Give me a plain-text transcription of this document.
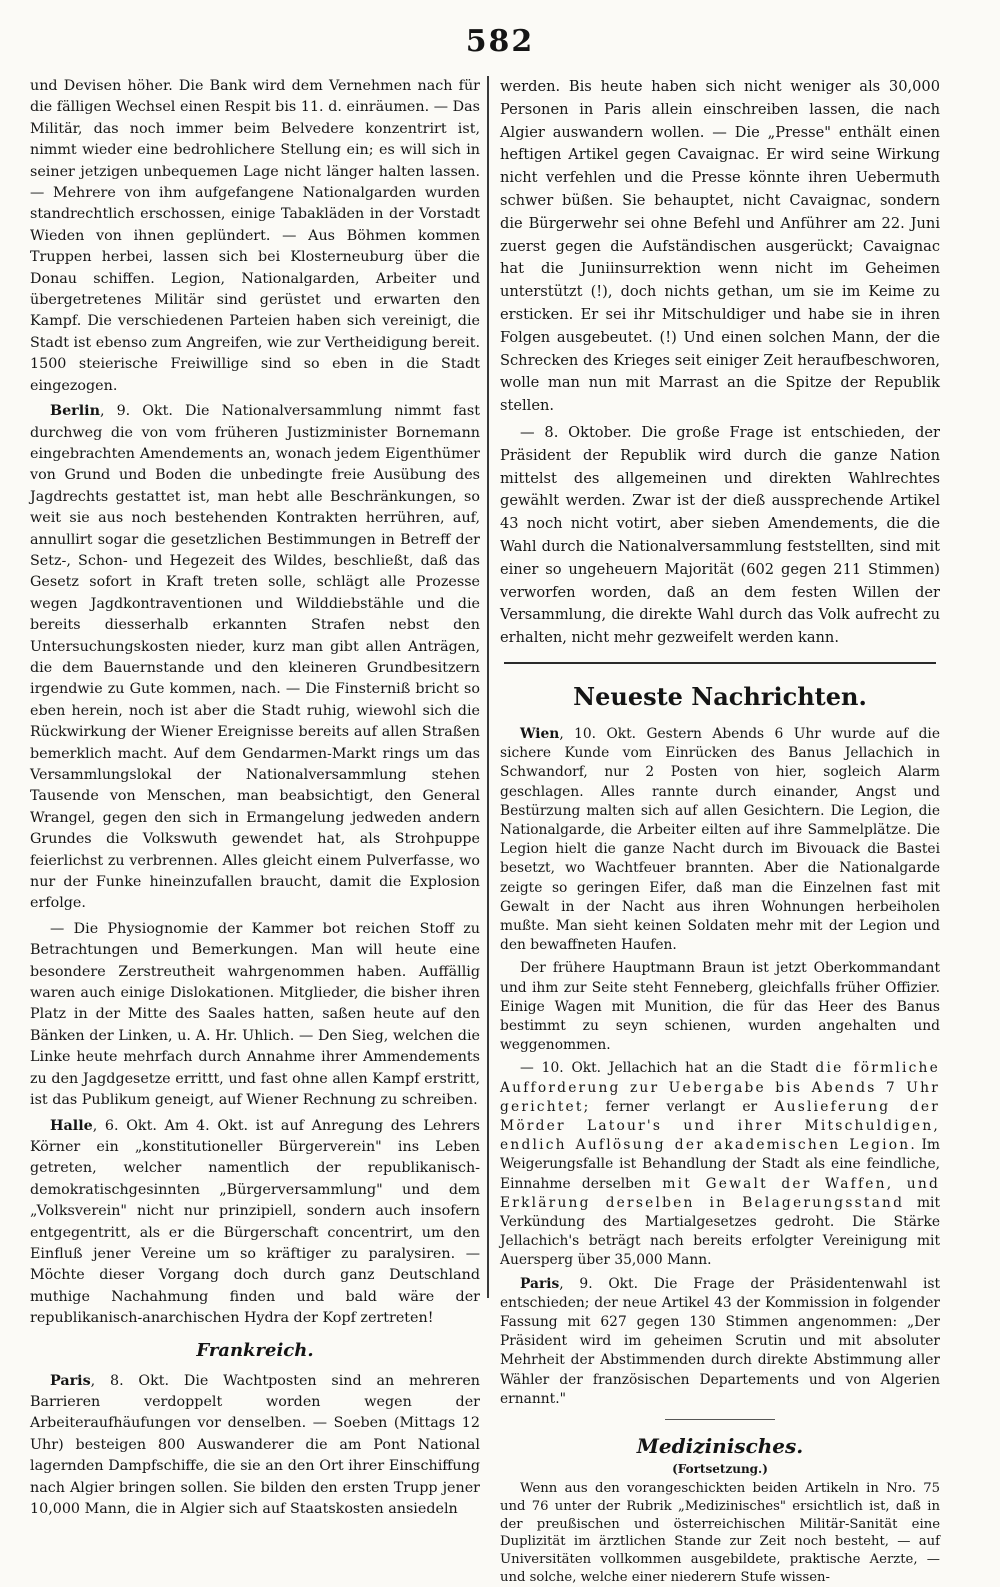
582

und Devisen höher. Die Bank wird dem Vernehmen nach für die fälligen Wechsel einen Respit bis 11. d. einräumen. — Das Militär, das noch immer beim Belvedere konzentrirt ist, nimmt wieder eine bedrohlichere Stellung ein; es will sich in seiner jetzigen unbequemen Lage nicht länger halten lassen. — Mehrere von ihm aufgefangene Nationalgarden wurden standrechtlich erschossen, einige Tabakläden in der Vorstadt Wieden von ihnen geplündert. — Aus Böhmen kommen Truppen herbei, lassen sich bei Klosterneuburg über die Donau schiffen. Legion, Nationalgarden, Arbeiter und übergetretenes Militär sind gerüstet und erwarten den Kampf. Die verschiedenen Parteien haben sich vereinigt, die Stadt ist ebenso zum Angreifen, wie zur Vertheidigung bereit. 1500 steierische Freiwillige sind so eben in die Stadt eingezogen.

Berlin, 9. Okt. Die Nationalversammlung nimmt fast durchweg die von vom früheren Justizminister Bornemann eingebrachten Amendements an, wonach jedem Eigenthümer von Grund und Boden die unbedingte freie Ausübung des Jagdrechts gestattet ist, man hebt alle Beschränkungen, so weit sie aus noch bestehenden Kontrakten herrühren, auf, annullirt sogar die gesetzlichen Bestimmungen in Betreff der Setz-, Schon- und Hegezeit des Wildes, beschließt, daß das Gesetz sofort in Kraft treten solle, schlägt alle Prozesse wegen Jagdkontraventionen und Wilddiebstähle und die bereits diesserhalb erkannten Strafen nebst den Untersuchungskosten nieder, kurz man gibt allen Anträgen, die dem Bauernstande und den kleineren Grundbesitzern irgendwie zu Gute kommen, nach. — Die Finsterniß bricht so eben herein, noch ist aber die Stadt ruhig, wiewohl sich die Rückwirkung der Wiener Ereignisse bereits auf allen Straßen bemerklich macht. Auf dem Gendarmen-Markt rings um das Versammlungslokal der Nationalversammlung stehen Tausende von Menschen, man beabsichtigt, den General Wrangel, gegen den sich in Ermangelung jedweden andern Grundes die Volkswuth gewendet hat, als Strohpuppe feierlichst zu verbrennen. Alles gleicht einem Pulverfasse, wo nur der Funke hineinzufallen braucht, damit die Explosion erfolge.

— Die Physiognomie der Kammer bot reichen Stoff zu Betrachtungen und Bemerkungen. Man will heute eine besondere Zerstreutheit wahrgenommen haben. Auffällig waren auch einige Dislokationen. Mitglieder, die bisher ihren Platz in der Mitte des Saales hatten, saßen heute auf den Bänken der Linken, u. A. Hr. Uhlich. — Den Sieg, welchen die Linke heute mehrfach durch Annahme ihrer Ammendements zu den Jagdgesetze errittt, und fast ohne allen Kampf erstritt, ist das Publikum geneigt, auf Wiener Rechnung zu schreiben.

Halle, 6. Okt. Am 4. Okt. ist auf Anregung des Lehrers Körner ein „konstitutioneller Bürgerverein" ins Leben getreten, welcher namentlich der republikanisch-demokratischgesinnten „Bürgerversammlung" und dem „Volksverein" nicht nur prinzipiell, sondern auch insofern entgegentritt, als er die Bürgerschaft concentrirt, um den Einfluß jener Vereine um so kräftiger zu paralysiren. — Möchte dieser Vorgang doch durch ganz Deutschland muthige Nachahmung finden und bald wäre der republikanisch-anarchischen Hydra der Kopf zertreten!

Frankreich.

Paris, 8. Okt. Die Wachtposten sind an mehreren Barrieren verdoppelt worden wegen der Arbeiteraufhäufungen vor denselben. — Soeben (Mittags 12 Uhr) besteigen 800 Auswanderer die am Pont National lagernden Dampfschiffe, die sie an den Ort ihrer Einschiffung nach Algier bringen sollen. Sie bilden den ersten Trupp jener 10,000 Mann, die in Algier sich auf Staatskosten ansiedeln

werden. Bis heute haben sich nicht weniger als 30,000 Personen in Paris allein einschreiben lassen, die nach Algier auswandern wollen. — Die „Presse" enthält einen heftigen Artikel gegen Cavaignac. Er wird seine Wirkung nicht verfehlen und die Presse könnte ihren Uebermuth schwer büßen. Sie behauptet, nicht Cavaignac, sondern die Bürgerwehr sei ohne Befehl und Anführer am 22. Juni zuerst gegen die Aufständischen ausgerückt; Cavaignac hat die Juniinsurrektion wenn nicht im Geheimen unterstützt (!), doch nichts gethan, um sie im Keime zu ersticken. Er sei ihr Mitschuldiger und habe sie in ihren Folgen ausgebeutet. (!) Und einen solchen Mann, der die Schrecken des Krieges seit einiger Zeit heraufbeschworen, wolle man nun mit Marrast an die Spitze der Republik stellen.

— 8. Oktober. Die große Frage ist entschieden, der Präsident der Republik wird durch die ganze Nation mittelst des allgemeinen und direkten Wahlrechtes gewählt werden. Zwar ist der dieß aussprechende Artikel 43 noch nicht votirt, aber sieben Amendements, die die Wahl durch die Nationalversammlung feststellten, sind mit einer so ungeheuern Majorität (602 gegen 211 Stimmen) verworfen worden, daß an dem festen Willen der Versammlung, die direkte Wahl durch das Volk aufrecht zu erhalten, nicht mehr gezweifelt werden kann.

Neueste Nachrichten.

Wien, 10. Okt. Gestern Abends 6 Uhr wurde auf die sichere Kunde vom Einrücken des Banus Jellachich in Schwandorf, nur 2 Posten von hier, sogleich Alarm geschlagen. Alles rannte durch einander, Angst und Bestürzung malten sich auf allen Gesichtern. Die Legion, die Nationalgarde, die Arbeiter eilten auf ihre Sammelplätze. Die Legion hielt die ganze Nacht durch im Bivouack die Bastei besetzt, wo Wachtfeuer brannten. Aber die Nationalgarde zeigte so geringen Eifer, daß man die Einzelnen fast mit Gewalt in der Nacht aus ihren Wohnungen herbeiholen mußte. Man sieht keinen Soldaten mehr mit der Legion und den bewaffneten Haufen.

Der frühere Hauptmann Braun ist jetzt Oberkommandant und ihm zur Seite steht Fenneberg, gleichfalls früher Offizier. Einige Wagen mit Munition, die für das Heer des Banus bestimmt zu seyn schienen, wurden angehalten und weggenommen.

— 10. Okt. Jellachich hat an die Stadt die förmliche Aufforderung zur Uebergabe bis Abends 7 Uhr gerichtet; ferner verlangt er Auslieferung der Mörder Latour's und ihrer Mitschuldigen, endlich Auflösung der akademischen Legion. Im Weigerungsfalle ist Behandlung der Stadt als eine feindliche, Einnahme derselben mit Gewalt der Waffen, und Erklärung derselben in Belagerungsstand mit Verkündung des Martialgesetzes gedroht. Die Stärke Jellachich's beträgt nach bereits erfolgter Vereinigung mit Auersperg über 35,000 Mann.

Paris, 9. Okt. Die Frage der Präsidentenwahl ist entschieden; der neue Artikel 43 der Kommission in folgender Fassung mit 627 gegen 130 Stimmen angenommen: „Der Präsident wird im geheimen Scrutin und mit absoluter Mehrheit der Abstimmenden durch direkte Abstimmung aller Wähler der französischen Departements und von Algerien ernannt."

Medizinisches.
(Fortsetzung.)

Wenn aus den vorangeschickten beiden Artikeln in Nro. 75 und 76 unter der Rubrik „Medizinisches" ersichtlich ist, daß in der preußischen und österreichischen Militär-Sanität eine Duplizität im ärztlichen Stande zur Zeit noch besteht, — auf Universitäten vollkommen ausgebildete, praktische Aerzte, — und solche, welche einer niederern Stufe wissen-
